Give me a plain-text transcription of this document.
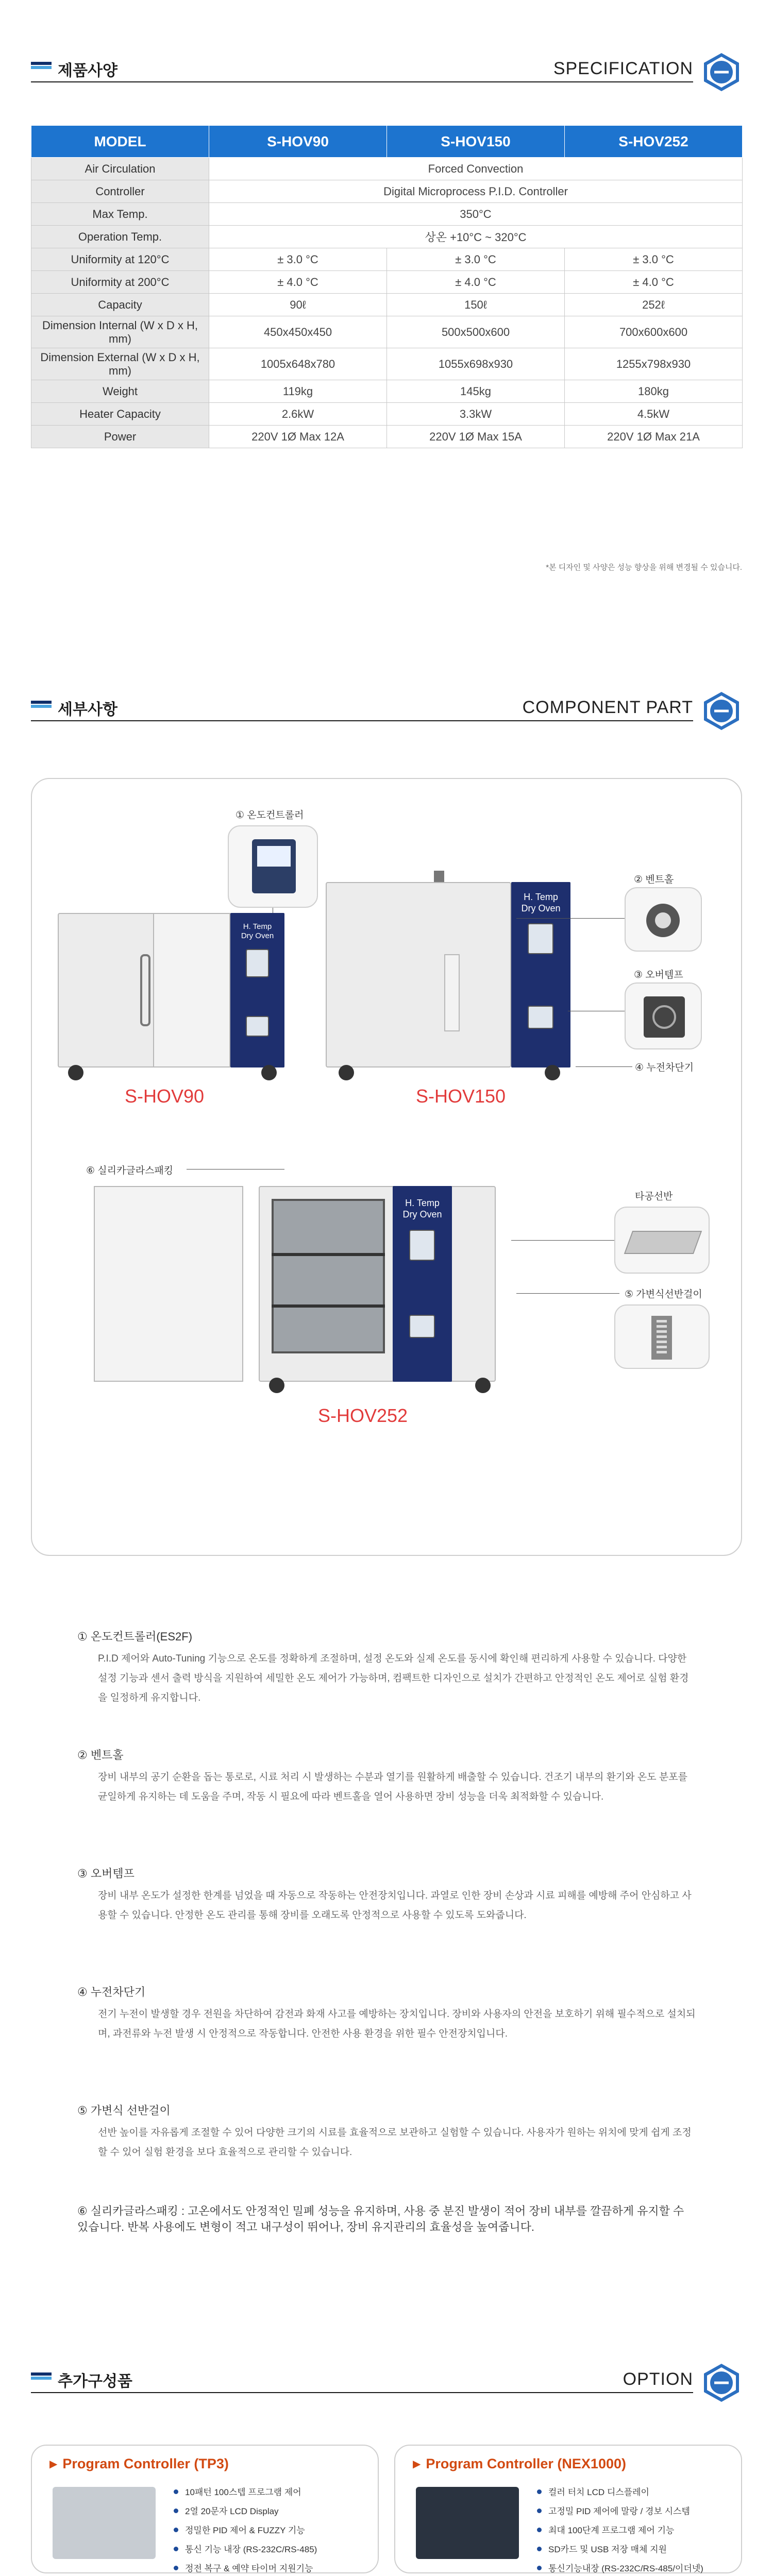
제품사양	SPECIFICATION
MODEL	S-HOV90	S-HOV150	S-HOV252
Air Circulation	Forced Convection		
Controller	Digital Microprocess P.I.D. Controller		
Max Temp.	350°C		
Operation Temp.	상온 +10°C ~ 320°C		
Uniformity at 120°C	± 3.0 °C	± 3.0 °C	± 3.0 °C
Uniformity at 200°C	± 4.0 °C	± 4.0 °C	± 4.0 °C
Capacity	90ℓ	150ℓ	252ℓ
Dimension Internal (W x D x H, mm)	450x450x450	500x500x600	700x600x600
Dimension External (W x D x H, mm)	1005x648x780	1055x698x930	1255x798x930
Weight	119kg	145kg	180kg
Heater Capacity	2.6kW	3.3kW	4.5kW
Power	220V 1Ø Max 12A	220V 1Ø Max 15A	220V 1Ø Max 21A
*본 디자인 및 사양은 성능 향상을 위해 변경될 수 있습니다.
세부사항	COMPONENT PART
① 온도컨트롤러
H. Temp
Dry Oven
S-HOV90
H. Temp
Dry Oven
S-HOV150
② 벤트홀
③ 오버템프
④ 누전차단기
⑥ 실리카글라스패킹
H. Temp
Dry Oven
S-HOV252
타공선반
⑤ 가변식선반걸이
① 온도컨트롤러(ES2F)
P.I.D 제어와 Auto-Tuning 기능으로 온도를 정확하게 조절하며, 설정 온도와 실제 온도를 동시에 확인해 편리하게 사용할 수 있습니다. 다양한 설정 기능과 센서 출력 방식을 지원하여 세밀한 온도 제어가 가능하며, 컴팩트한 디자인으로 설치가 간편하고 안정적인 온도 제어로 실험 환경을 일정하게 유지합니다.
② 벤트홀
장비 내부의 공기 순환을 돕는 통로로, 시료 처리 시 발생하는 수분과 열기를 원활하게 배출할 수 있습니다. 건조기 내부의 환기와 온도 분포를 균일하게 유지하는 데 도움을 주며, 작동 시 필요에 따라 벤트홀을 열어 사용하면 장비 성능을 더욱 최적화할 수 있습니다.
③ 오버템프
장비 내부 온도가 설정한 한계를 넘었을 때 자동으로 작동하는 안전장치입니다. 과열로 인한 장비 손상과 시료 피해를 예방해 주어 안심하고 사용할 수 있습니다. 안정한 온도 관리를 통해 장비를 오래도록 안정적으로 사용할 수 있도록 도와줍니다.
④ 누전차단기
전기 누전이 발생할 경우 전원을 차단하여 감전과 화재 사고를 예방하는 장치입니다. 장비와 사용자의 안전을 보호하기 위해 필수적으로 설치되며, 과전류와 누전 발생 시 안정적으로 작동합니다. 안전한 사용 환경을 위한 필수 안전장치입니다.
⑤ 가변식 선반걸이
선반 높이를 자유롭게 조절할 수 있어 다양한 크기의 시료를 효율적으로 보관하고 실험할 수 있습니다. 사용자가 원하는 위치에 맞게 쉽게 조정할 수 있어 실험 환경을 보다 효율적으로 관리할 수 있습니다.
⑥ 실리카글라스패킹 : 고온에서도 안정적인 밀폐 성능을 유지하며, 사용 중 분진 발생이 적어 장비 내부를 깔끔하게 유지할 수 있습니다. 반복 사용에도 변형이 적고 내구성이 뛰어나, 장비 유지관리의 효율성을 높여줍니다.
추가구성품	OPTION
▶ Program Controller (TP3)
10패턴 100스텝 프로그램 제어
2열 20문자 LCD Display
정밀한 PID 제어 & FUZZY 기능
통신 기능 내장 (RS-232C/RS-485)
정전 복구 & 예약 타이머 지원기능
▶ Program Controller (NEX1000)
컬러 터치 LCD 디스플레이
고정밀 PID 제어에 말랑 / 경보 시스템
최대 100단계 프로그램 제어 기능
SD카드 및 USB 저장 매체 지원
통신기능내장 (RS-232C/RS-485/이더넷)
